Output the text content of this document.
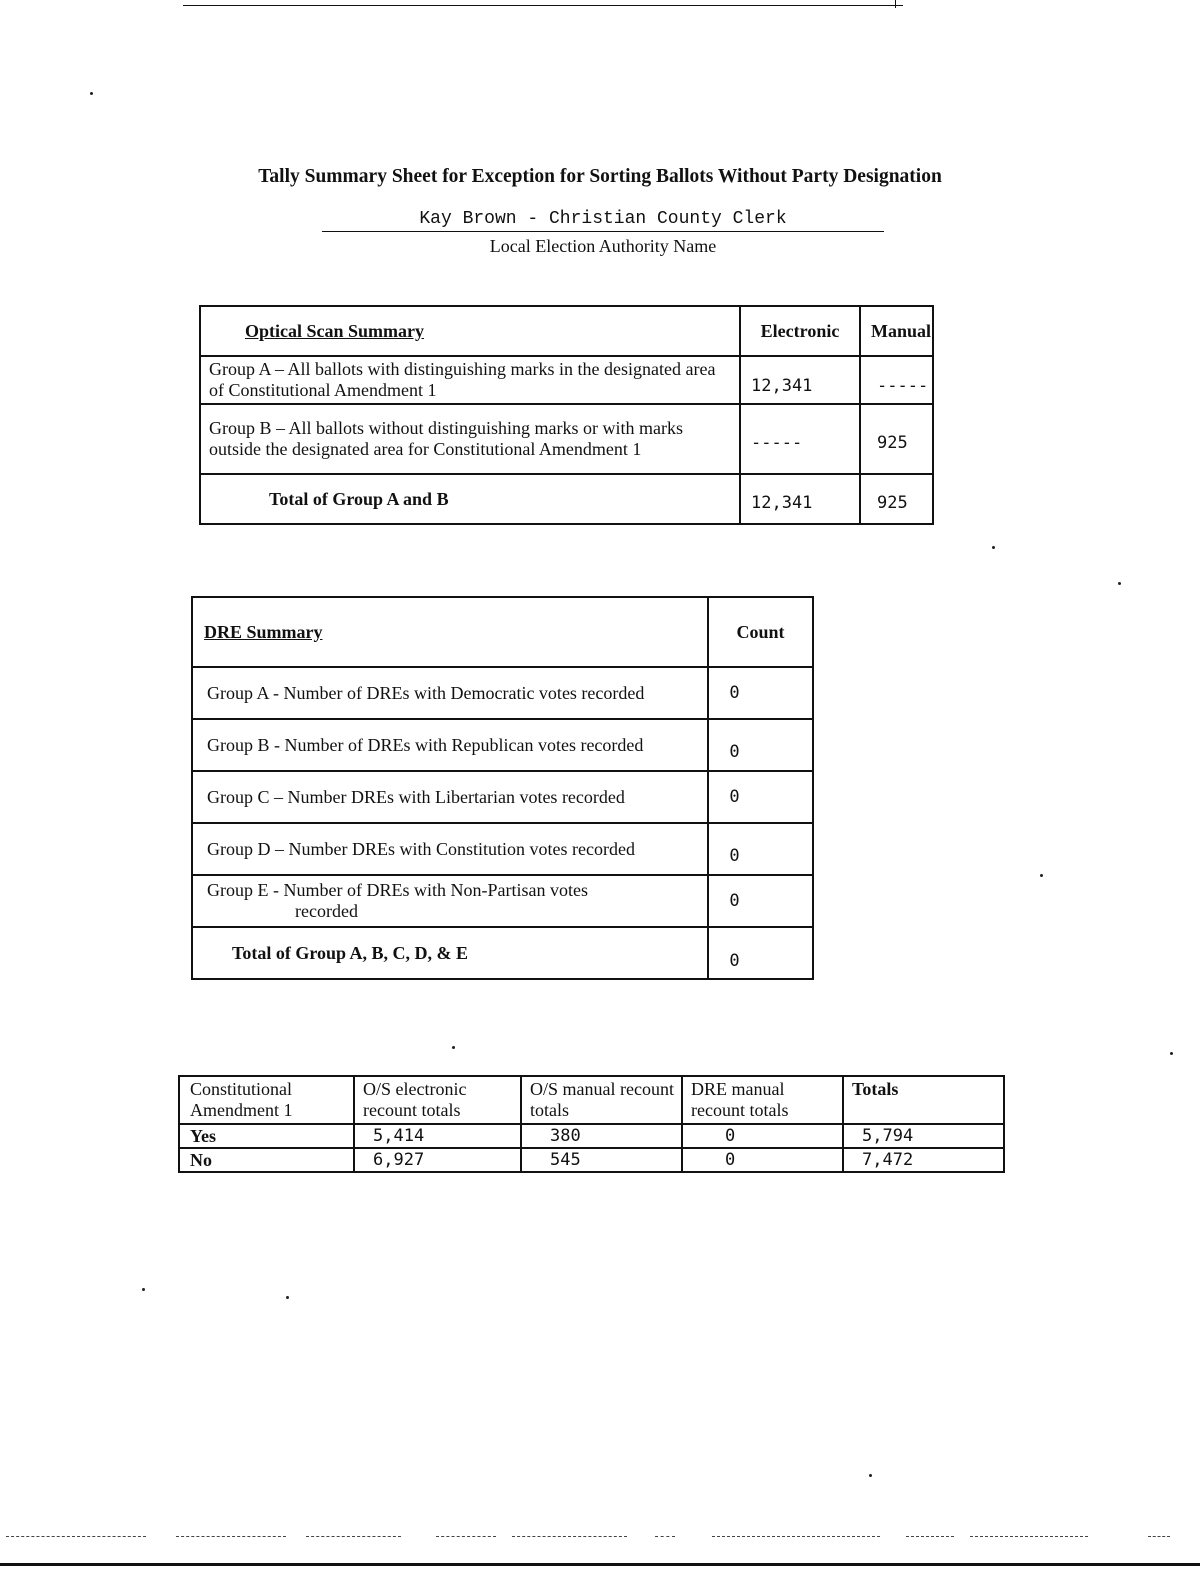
Tally Summary Sheet for Exception for Sorting Ballots Without Party Designation
Kay Brown - Christian County Clerk
Local Election Authority Name
Optical Scan Summary	Electronic	Manual
Group A – All ballots with distinguishing marks in the designated area of Constitutional Amendment 1	12,341	-----
Group B – All ballots without distinguishing marks or with marks outside the designated area for Constitutional Amendment 1	-----	925
Total of Group A and B	12,341	925
DRE Summary	Count
Group A - Number of DREs with Democratic votes recorded	0
Group B - Number of DREs with Republican votes recorded	0
Group C – Number DREs with Libertarian votes recorded	0
Group D – Number DREs with Constitution votes recorded	0

Group E - Number of DREs with Non-Partisan votes
recorded	0
Total of Group A, B, C, D, & E	0
Constitutional Amendment 1	O/S electronic recount totals	O/S manual recount totals	DRE manual recount totals	Totals
Yes	5,414	380	0	5,794
No	6,927	545	0	7,472
